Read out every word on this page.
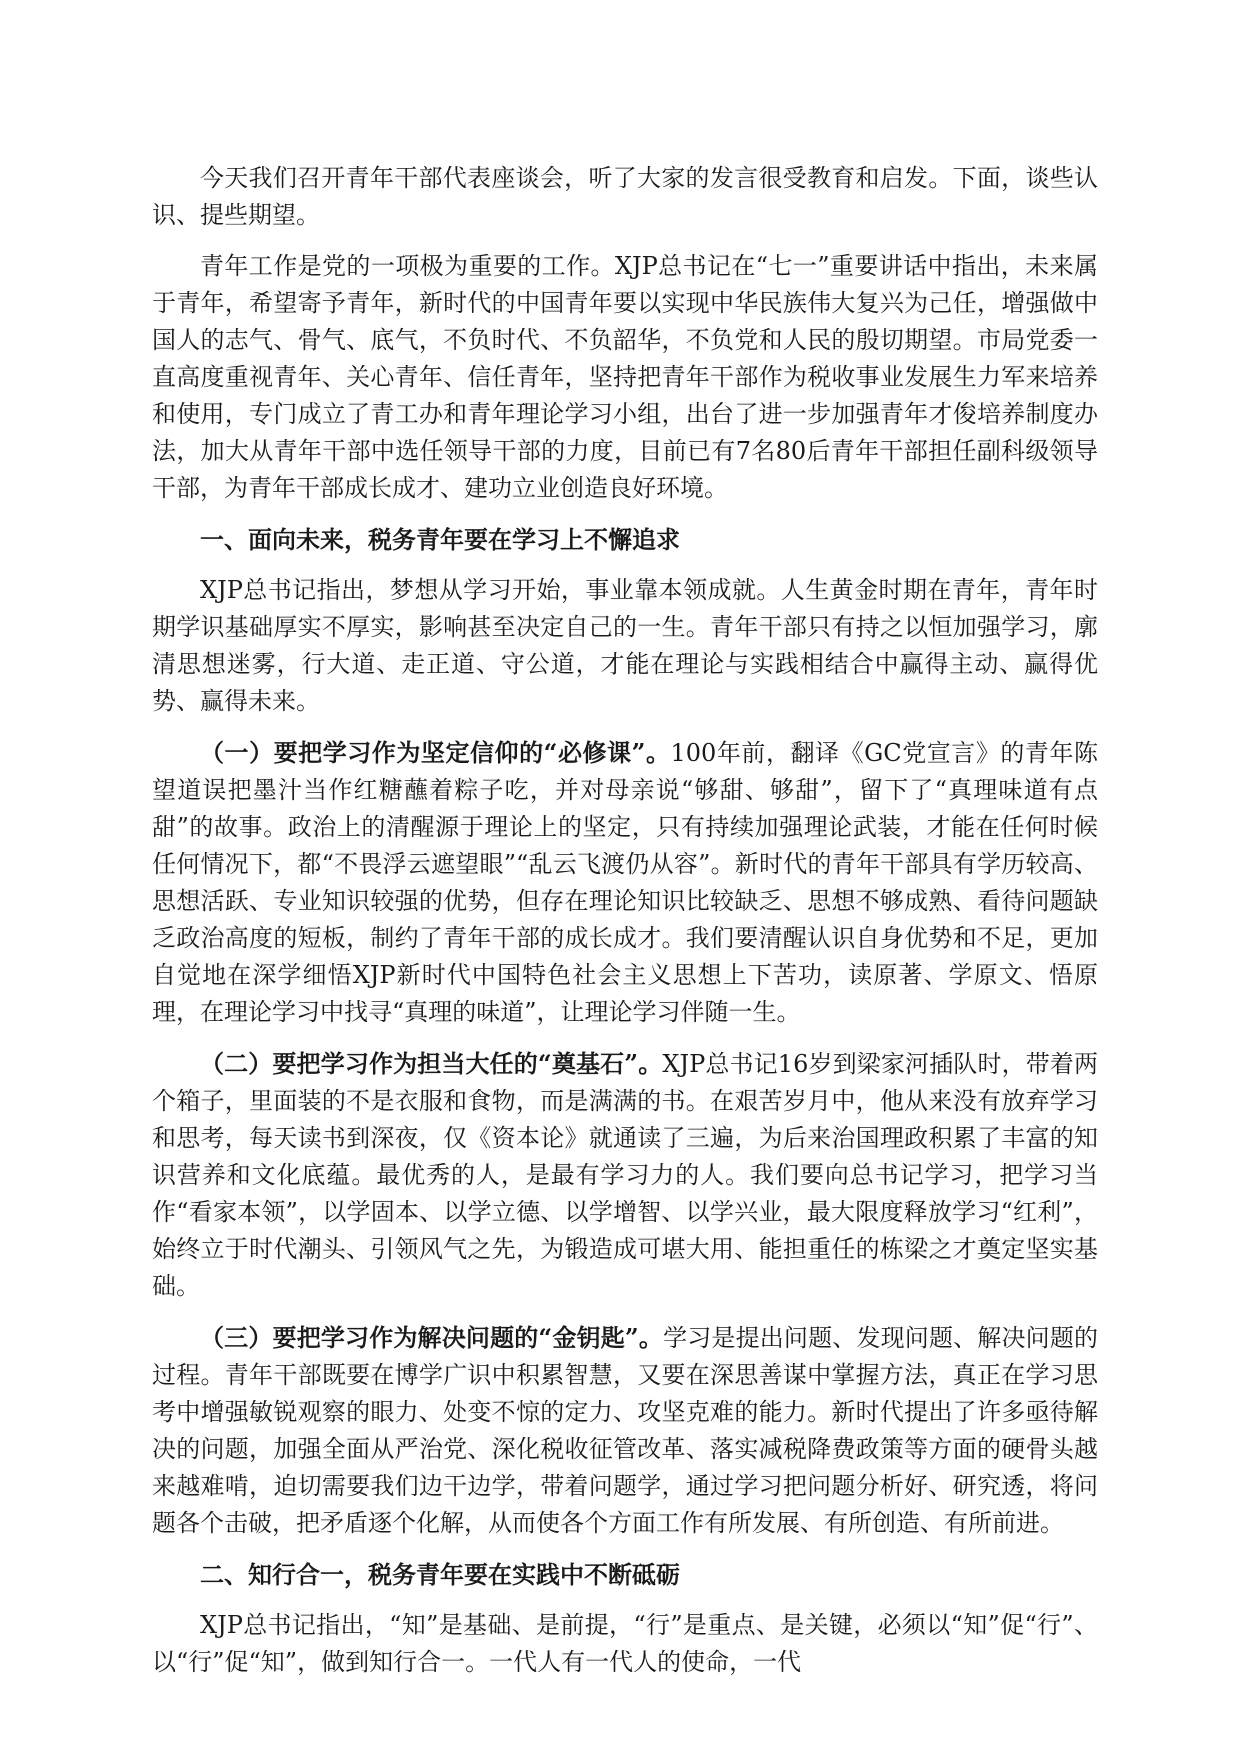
今天我们召开青年干部代表座谈会，听了大家的发言很受教育和启发。下面，谈些认识、提些期望。

青年工作是党的一项极为重要的工作。XJP总书记在“七一”重要讲话中指出，未来属于青年，希望寄予青年，新时代的中国青年要以实现中华民族伟大复兴为己任，增强做中国人的志气、骨气、底气，不负时代、不负韶华，不负党和人民的殷切期望。市局党委一直高度重视青年、关心青年、信任青年，坚持把青年干部作为税收事业发展生力军来培养和使用，专门成立了青工办和青年理论学习小组，出台了进一步加强青年才俊培养制度办法，加大从青年干部中选任领导干部的力度，目前已有7名80后青年干部担任副科级领导干部，为青年干部成长成才、建功立业创造良好环境。

一、面向未来，税务青年要在学习上不懈追求

XJP总书记指出，梦想从学习开始，事业靠本领成就。人生黄金时期在青年，青年时期学识基础厚实不厚实，影响甚至决定自己的一生。青年干部只有持之以恒加强学习，廓清思想迷雾，行大道、走正道、守公道，才能在理论与实践相结合中赢得主动、赢得优势、赢得未来。

（一）要把学习作为坚定信仰的“必修课”。100年前，翻译《GC党宣言》的青年陈望道误把墨汁当作红糖蘸着粽子吃，并对母亲说“够甜、够甜”，留下了“真理味道有点甜”的故事。政治上的清醒源于理论上的坚定，只有持续加强理论武装，才能在任何时候任何情况下，都“不畏浮云遮望眼”“乱云飞渡仍从容”。新时代的青年干部具有学历较高、思想活跃、专业知识较强的优势，但存在理论知识比较缺乏、思想不够成熟、看待问题缺乏政治高度的短板，制约了青年干部的成长成才。我们要清醒认识自身优势和不足，更加自觉地在深学细悟XJP新时代中国特色社会主义思想上下苦功，读原著、学原文、悟原理，在理论学习中找寻“真理的味道”，让理论学习伴随一生。

（二）要把学习作为担当大任的“奠基石”。XJP总书记16岁到梁家河插队时，带着两个箱子，里面装的不是衣服和食物，而是满满的书。在艰苦岁月中，他从来没有放弃学习和思考，每天读书到深夜，仅《资本论》就通读了三遍，为后来治国理政积累了丰富的知识营养和文化底蕴。最优秀的人，是最有学习力的人。我们要向总书记学习，把学习当作“看家本领”，以学固本、以学立德、以学增智、以学兴业，最大限度释放学习“红利”，始终立于时代潮头、引领风气之先，为锻造成可堪大用、能担重任的栋梁之才奠定坚实基础。

（三）要把学习作为解决问题的“金钥匙”。学习是提出问题、发现问题、解决问题的过程。青年干部既要在博学广识中积累智慧，又要在深思善谋中掌握方法，真正在学习思考中增强敏锐观察的眼力、处变不惊的定力、攻坚克难的能力。新时代提出了许多亟待解决的问题，加强全面从严治党、深化税收征管改革、落实减税降费政策等方面的硬骨头越来越难啃，迫切需要我们边干边学，带着问题学，通过学习把问题分析好、研究透，将问题各个击破，把矛盾逐个化解，从而使各个方面工作有所发展、有所创造、有所前进。

二、知行合一，税务青年要在实践中不断砥砺

XJP总书记指出，“知”是基础、是前提，“行”是重点、是关键，必须以“知”促“行”、以“行”促“知”，做到知行合一。一代人有一代人的使命，一代
